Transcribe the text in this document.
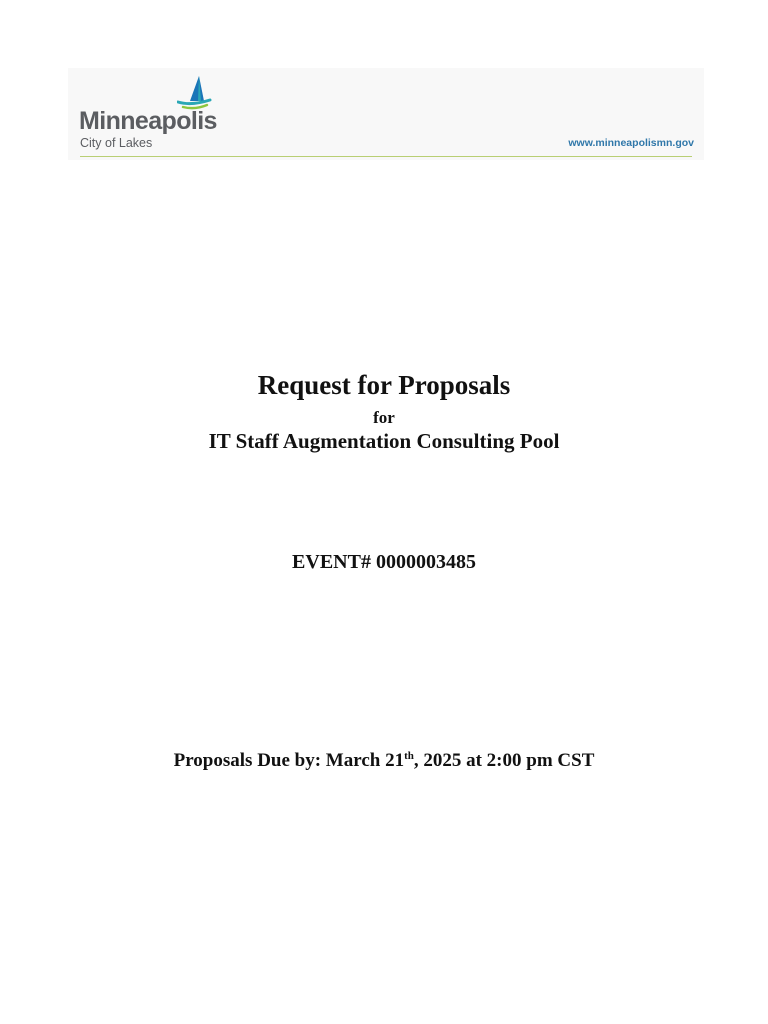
Minneapolis
City of Lakes	www.minneapolismn.gov
Request for Proposals
for
IT Staff Augmentation Consulting Pool
EVENT# 0000003485
Proposals Due by: March 21th, 2025 at 2:00 pm CST
